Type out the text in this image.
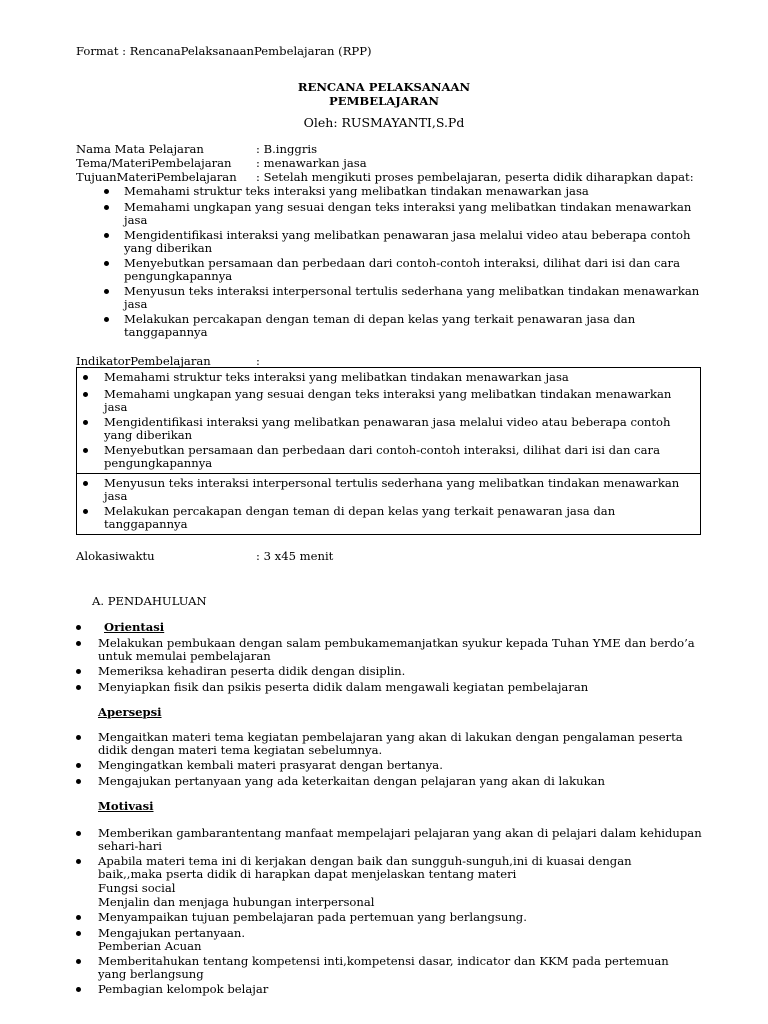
Format : RencanaPelaksanaanPembelajaran (RPP)
RENCANA PELAKSANAAN
PEMBELAJARAN
Oleh: RUSMAYANTI,S.Pd
Nama Mata Pelajaran	: B.inggris
Tema/MateriPembelajaran : menawarkan jasa
TujuanMateriPembelajaran : Setelah mengikuti proses pembelajaran, peserta didik diharapkan dapat:
Memahami struktur teks interaksi yang melibatkan tindakan menawarkan jasa
Memahami ungkapan yang sesuai dengan teks interaksi yang melibatkan tindakan menawarkan
jasa
Mengidentifikasi interaksi yang melibatkan penawaran jasa melalui video atau beberapa contoh
yang diberikan
Menyebutkan persamaan dan perbedaan dari contoh-contoh interaksi, dilihat dari isi dan cara
pengungkapannya
Menyusun teks interaksi interpersonal tertulis sederhana yang melibatkan tindakan menawarkan
jasa
Melakukan percakapan dengan teman di depan kelas yang terkait penawaran jasa dan
tanggapannya
IndikatorPembelajaran	:
Memahami struktur teks interaksi yang melibatkan tindakan menawarkan jasa
Memahami ungkapan yang sesuai dengan teks interaksi yang melibatkan tindakan menawarkan
jasa
Mengidentifikasi interaksi yang melibatkan penawaran jasa melalui video atau beberapa contoh
yang diberikan
Menyebutkan persamaan dan perbedaan dari contoh-contoh interaksi, dilihat dari isi dan cara
pengungkapannya
Menyusun teks interaksi interpersonal tertulis sederhana yang melibatkan tindakan menawarkan
jasa
Melakukan percakapan dengan teman di depan kelas yang terkait penawaran jasa dan
tanggapannya
Alokasiwaktu	: 3 x45 menit
A. PENDAHULUAN
Orientasi
Melakukan pembukaan dengan salam pembukamemanjatkan syukur kepada Tuhan YME dan berdo’a
untuk memulai pembelajaran
Memeriksa kehadiran peserta didik dengan disiplin.
Menyiapkan fisik dan psikis peserta didik dalam mengawali kegiatan pembelajaran
Apersepsi
Mengaitkan materi tema kegiatan pembelajaran yang akan di lakukan dengan pengalaman peserta
didik dengan materi tema kegiatan sebelumnya.
Mengingatkan kembali materi prasyarat dengan bertanya.
Mengajukan pertanyaan yang ada keterkaitan dengan pelajaran yang akan di lakukan
Motivasi
Memberikan gambarantentang manfaat mempelajari pelajaran yang akan di pelajari dalam kehidupan
sehari-hari
Apabila materi tema ini di kerjakan dengan baik dan sungguh-sunguh,ini di kuasai dengan
baik,,maka pserta didik di harapkan dapat menjelaskan tentang materi
Fungsi social
Menjalin dan menjaga hubungan interpersonal
Menyampaikan tujuan pembelajaran pada pertemuan yang berlangsung.
Mengajukan pertanyaan.
Pemberian Acuan
Memberitahukan tentang kompetensi inti,kompetensi dasar, indicator dan KKM pada pertemuan
yang berlangsung
Pembagian kelompok belajar
